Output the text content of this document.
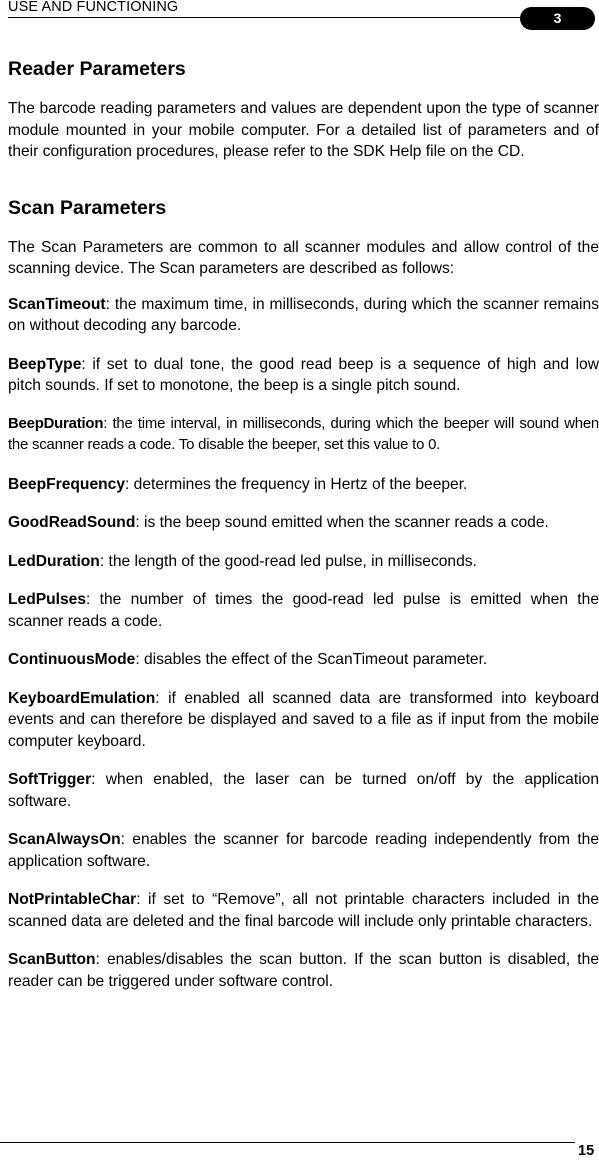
USE AND FUNCTIONING
3
Reader Parameters

The barcode reading parameters and values are dependent upon the type of scanner module mounted in your mobile computer. For a detailed list of parameters and of their configuration procedures, please refer to the SDK Help file on the CD.

Scan Parameters

The Scan Parameters are common to all scanner modules and allow control of the scanning device. The Scan parameters are described as follows:

ScanTimeout: the maximum time, in milliseconds, during which the scanner remains on without decoding any barcode.

BeepType: if set to dual tone, the good read beep is a sequence of high and low pitch sounds. If set to monotone, the beep is a single pitch sound.

BeepDuration: the time interval, in milliseconds, during which the beeper will sound when the scanner reads a code. To disable the beeper, set this value to 0.

BeepFrequency: determines the frequency in Hertz of the beeper.

GoodReadSound: is the beep sound emitted when the scanner reads a code.

LedDuration: the length of the good-read led pulse, in milliseconds.

LedPulses: the number of times the good-read led pulse is emitted when the scanner reads a code.

ContinuousMode: disables the effect of the ScanTimeout parameter.

KeyboardEmulation: if enabled all scanned data are transformed into keyboard events and can therefore be displayed and saved to a file as if input from the mobile computer keyboard.

SoftTrigger: when enabled, the laser can be turned on/off by the application software.

ScanAlwaysOn: enables the scanner for barcode reading independently from the application software.

NotPrintableChar: if set to “Remove”, all not printable characters included in the scanned data are deleted and the final barcode will include only printable characters.

ScanButton: enables/disables the scan button. If the scan button is disabled, the reader can be triggered under software control.

15
